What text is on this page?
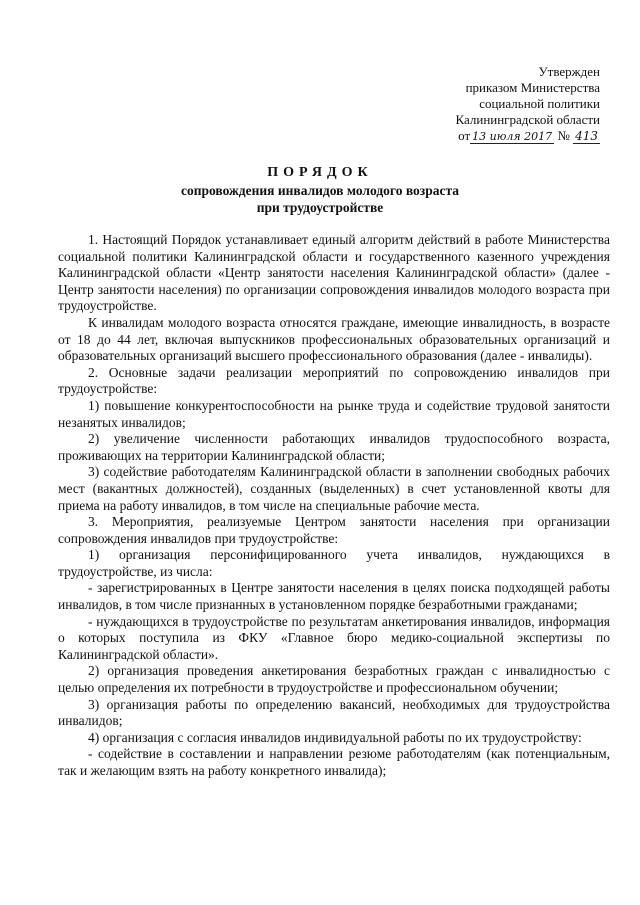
Утвержден
приказом Министерства
социальной политики
Калининградской области
от 13 июля 2017 № 413
ПОРЯДОК
сопровождения инвалидов молодого возраста
при трудоустройстве

1. Настоящий Порядок устанавливает единый алгоритм действий в работе Министерства социальной политики Калининградской области и государственного казенного учреждения Калининградской области «Центр занятости населения Калининградской области» (далее - Центр занятости населения) по организации сопровождения инвалидов молодого возраста при трудоустройстве.

К инвалидам молодого возраста относятся граждане, имеющие инвалидность, в возрасте от 18 до 44 лет, включая выпускников профессиональных образовательных организаций и образовательных организаций высшего профессионального образования (далее - инвалиды).

2. Основные задачи реализации мероприятий по сопровождению инвалидов при трудоустройстве:

1) повышение конкурентоспособности на рынке труда и содействие трудовой занятости незанятых инвалидов;

2) увеличение численности работающих инвалидов трудоспособного возраста, проживающих на территории Калининградской области;

3) содействие работодателям Калининградской области в заполнении свободных рабочих мест (вакантных должностей), созданных (выделенных) в счет установленной квоты для приема на работу инвалидов, в том числе на специальные рабочие места.

3. Мероприятия, реализуемые Центром занятости населения при организации сопровождения инвалидов при трудоустройстве:

1) организация персонифицированного учета инвалидов, нуждающихся в трудоустройстве, из числа:

- зарегистрированных в Центре занятости населения в целях поиска подходящей работы инвалидов, в том числе признанных в установленном порядке безработными гражданами;

- нуждающихся в трудоустройстве по результатам анкетирования инвалидов, информация о которых поступила из ФКУ «Главное бюро медико-социальной экспертизы по Калининградской области».

2) организация проведения анкетирования безработных граждан с инвалидностью с целью определения их потребности в трудоустройстве и профессиональном обучении;

3) организация работы по определению вакансий, необходимых для трудоустройства инвалидов;

4) организация с согласия инвалидов индивидуальной работы по их трудоустройству:

- содействие в составлении и направлении резюме работодателям (как потенциальным, так и желающим взять на работу конкретного инвалида);
